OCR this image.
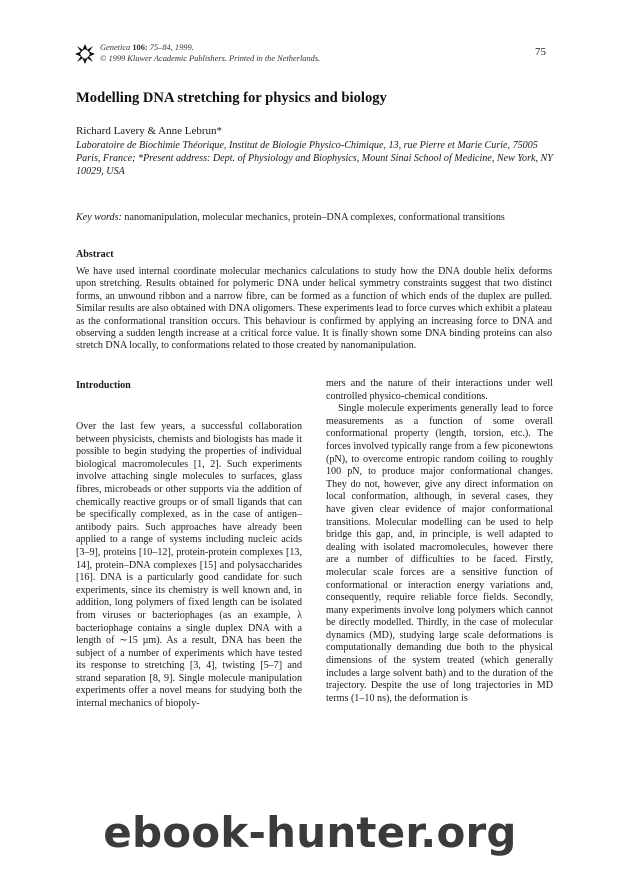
Genetica 106: 75–84, 1999.
© 1999 Kluwer Academic Publishers. Printed in the Netherlands.
75
Modelling DNA stretching for physics and biology
Richard Lavery & Anne Lebrun*
Laboratoire de Biochimie Théorique, Institut de Biologie Physico-Chimique, 13, rue Pierre et Marie Curie, 75005 Paris, France; *Present address: Dept. of Physiology and Biophysics, Mount Sinai School of Medicine, New York, NY 10029, USA
Key words: nanomanipulation, molecular mechanics, protein–DNA complexes, conformational transitions
Abstract
We have used internal coordinate molecular mechanics calculations to study how the DNA double helix deforms upon stretching. Results obtained for polymeric DNA under helical symmetry constraints suggest that two distinct forms, an unwound ribbon and a narrow fibre, can be formed as a function of which ends of the duplex are pulled. Similar results are also obtained with DNA oligomers. These experiments lead to force curves which exhibit a plateau as the conformational transition occurs. This behaviour is confirmed by applying an increasing force to DNA and observing a sudden length increase at a critical force value. It is finally shown some DNA binding proteins can also stretch DNA locally, to conformations related to those created by nanomanipulation.
Introduction

Over the last few years, a successful collaboration between physicists, chemists and biologists has made it possible to begin studying the properties of individual biological macromolecules [1, 2]. Such experiments involve attaching single molecules to surfaces, glass fibres, microbeads or other supports via the addition of chemically reactive groups or of small ligands that can be specifically complexed, as in the case of antigen–antibody pairs. Such approaches have already been applied to a range of systems including nucleic acids [3–9], proteins [10–12], protein-protein complexes [13, 14], protein–DNA complexes [15] and polysaccharides [16]. DNA is a particularly good candidate for such experiments, since its chemistry is well known and, in addition, long polymers of fixed length can be isolated from viruses or bacteriophages (as an example, λ bacteriophage contains a single duplex DNA with a length of ∼15 µm). As a result, DNA has been the subject of a number of experiments which have tested its response to stretching [3, 4], twisting [5–7] and strand separation [8, 9]. Single molecule manipulation experiments offer a novel means for studying both the internal mechanics of biopoly-

mers and the nature of their interactions under well controlled physico-chemical conditions.

Single molecule experiments generally lead to force measurements as a function of some overall conformational property (length, torsion, etc.). The forces involved typically range from a few piconewtons (pN), to overcome entropic random coiling to roughly 100 pN, to produce major conformational changes. They do not, however, give any direct information on local conformation, although, in several cases, they have given clear evidence of major conformational transitions. Molecular modelling can be used to help bridge this gap, and, in principle, is well adapted to dealing with isolated macromolecules, however there are a number of difficulties to be faced. Firstly, molecular scale forces are a sensitive function of conformational or interaction energy variations and, consequently, require reliable force fields. Secondly, many experiments involve long polymers which cannot be directly modelled. Thirdly, in the case of molecular dynamics (MD), studying large scale deformations is computationally demanding due both to the physical dimensions of the system treated (which generally includes a large solvent bath) and to the duration of the trajectory. Despite the use of long trajectories in MD terms (1–10 ns), the deformation is

ebook-hunter.org
